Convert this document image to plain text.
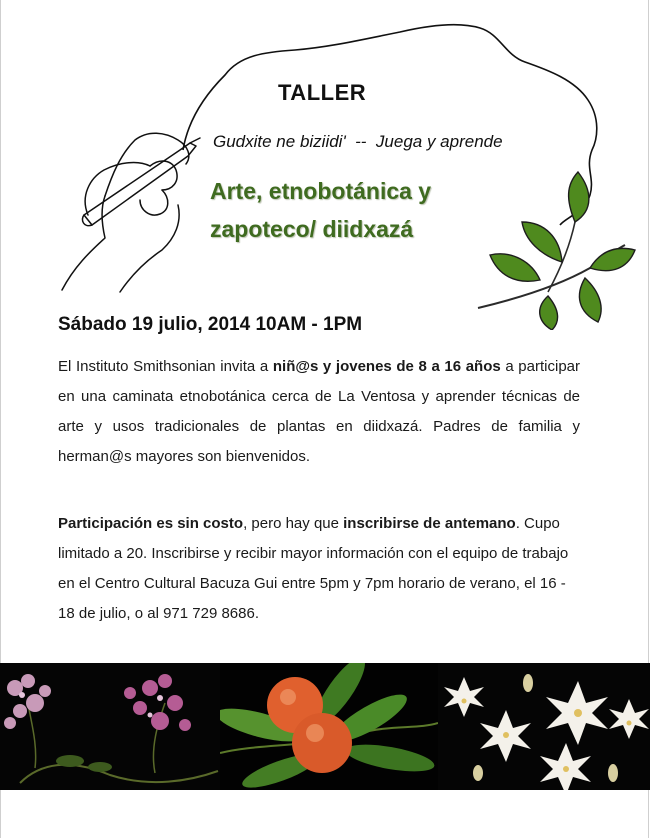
TALLER
Gudxite ne biziidi'  --  Juega y aprende
Arte, etnobotánica y
zapoteco/ diidxazá
Sábado 19 julio, 2014 10AM - 1PM
El Instituto Smithsonian invita a niñ@s y jovenes de 8 a 16 años a participar en una caminata etnobotánica cerca de La Ventosa y aprender técnicas de arte y usos tradicionales de plantas en diidxazá. Padres de familia y herman@s mayores son bienvenidos.
Participación es sin costo, pero hay que inscribirse de antemano. Cupo limitado a 20. Inscribirse y recibir mayor información con el equipo de trabajo en el Centro Cultural Bacuza Gui entre 5pm y 7pm horario de verano, el 16 - 18 de julio, o al 971 729 8686.
